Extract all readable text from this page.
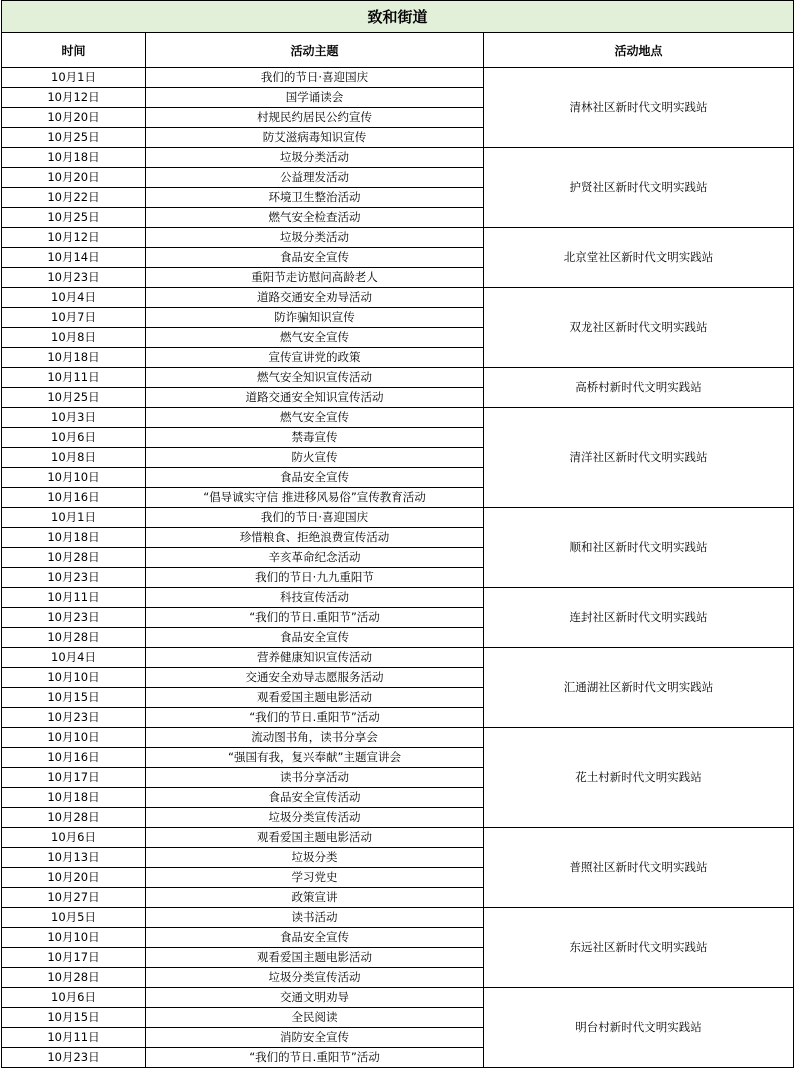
致和街道		
时间	活动主题	活动地点
10月1日	我们的节日·喜迎国庆	清林社区新时代文明实践站
10月12日	国学诵读会	
10月20日	村规民约居民公约宣传	
10月25日	防艾滋病毒知识宣传	
10月18日	垃圾分类活动	护贤社区新时代文明实践站
10月20日	公益理发活动	
10月22日	环境卫生整治活动	
10月25日	燃气安全检查活动	
10月12日	垃圾分类活动	北京堂社区新时代文明实践站
10月14日	食品安全宣传	
10月23日	重阳节走访慰问高龄老人	
10月4日	道路交通安全劝导活动	双龙社区新时代文明实践站
10月7日	防诈骗知识宣传	
10月8日	燃气安全宣传	
10月18日	宣传宣讲党的政策	
10月11日	燃气安全知识宣传活动	高桥村新时代文明实践站
10月25日	道路交通安全知识宣传活动	
10月3日	燃气安全宣传	清洋社区新时代文明实践站
10月6日	禁毒宣传	
10月8日	防火宣传	
10月10日	食品安全宣传	
10月16日	“倡导诚实守信 推进移风易俗”宣传教育活动	
10月1日	我们的节日·喜迎国庆	顺和社区新时代文明实践站
10月18日	珍惜粮食、拒绝浪费宣传活动	
10月28日	辛亥革命纪念活动	
10月23日	我们的节日·九九重阳节	
10月11日	科技宣传活动	连封社区新时代文明实践站
10月23日	“我们的节日.重阳节”活动	
10月28日	食品安全宣传	
10月4日	营养健康知识宣传活动	汇通湖社区新时代文明实践站
10月10日	交通安全劝导志愿服务活动	
10月15日	观看爱国主题电影活动	
10月23日	“我们的节日.重阳节”活动	
10月10日	流动图书角，读书分享会	花土村新时代文明实践站
10月16日	“强国有我，复兴奉献”主题宣讲会	
10月17日	读书分享活动	
10月18日	食品安全宣传活动	
10月28日	垃圾分类宣传活动	
10月6日	观看爱国主题电影活动	普照社区新时代文明实践站
10月13日	垃圾分类	
10月20日	学习党史	
10月27日	政策宣讲	
10月5日	读书活动	东远社区新时代文明实践站
10月10日	食品安全宣传	
10月17日	观看爱国主题电影活动	
10月28日	垃圾分类宣传活动	
10月6日	交通文明劝导	明台村新时代文明实践站
10月15日	全民阅读	
10月11日	消防安全宣传	
10月23日	“我们的节日.重阳节”活动	
